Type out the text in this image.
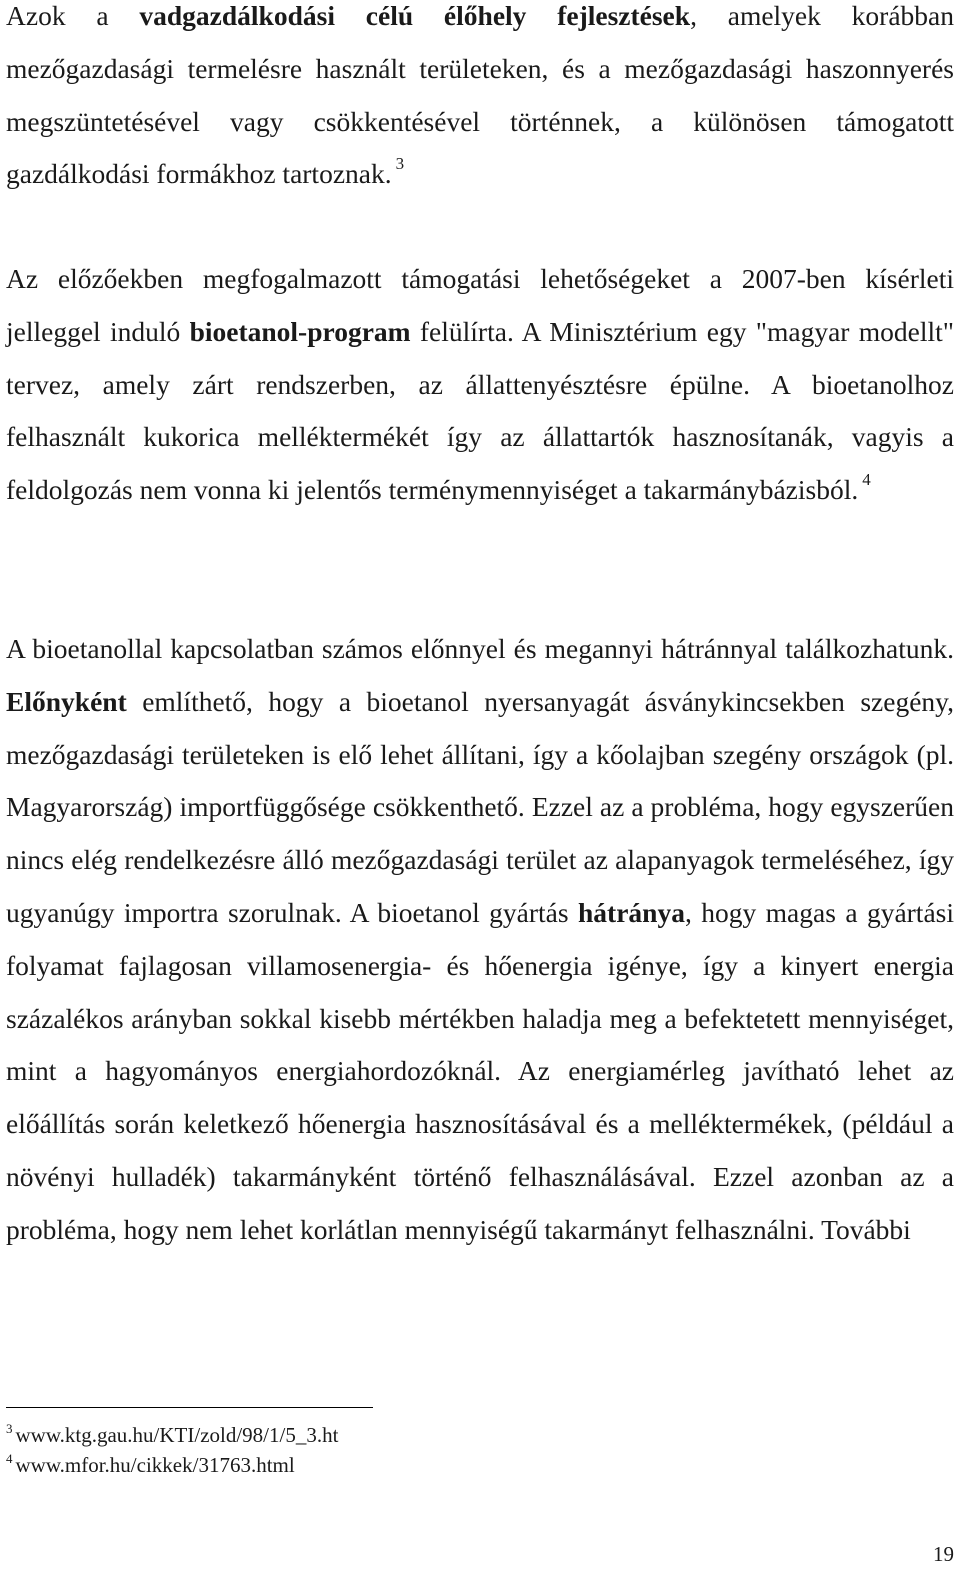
Azok a vadgazdálkodási célú élőhely fejlesztések, amelyek korábban mezőgazdasági termelésre használt területeken, és a mezőgazdasági haszonnyerés megszüntetésével vagy csökkentésével történnek, a különösen támogatott gazdálkodási formákhoz tartoznak. $^3$

Az előzőekben megfogalmazott támogatási lehetőségeket a 2007-ben kísérleti jelleggel induló bioetanol-program felülírta. A Minisztérium egy "magyar modellt" tervez, amely zárt rendszerben, az állattenyésztésre épülne. A bioetanolhoz felhasznált kukorica melléktermékét így az állattartók hasznosítanák, vagyis a feldolgozás nem vonna ki jelentős terménymennyiséget a takarmánybázisból. $^4$

A bioetanollal kapcsolatban számos előnnyel és megannyi hátránnyal találkozhatunk. Előnyként említhető, hogy a bioetanol nyersanyagát ásványkincsekben szegény, mezőgazdasági területeken is elő lehet állítani, így a kőolajban szegény országok (pl. Magyarország) importfüggősége csökkenthető. Ezzel az a probléma, hogy egyszerűen nincs elég rendelkezésre álló mezőgazdasági terület az alapanyagok termeléséhez, így ugyanúgy importra szorulnak. A bioetanol gyártás hátránya, hogy magas a gyártási folyamat fajlagosan villamosenergia- és hőenergia igénye, így a kinyert energia százalékos arányban sokkal kisebb mértékben haladja meg a befektetett mennyiséget, mint a hagyományos energiahordozóknál. Az energiamérleg javítható lehet az előállítás során keletkező hőenergia hasznosításával és a melléktermékek, (például a növényi hulladék) takarmányként történő felhasználásával. Ezzel azonban az a probléma, hogy nem lehet korlátlan mennyiségű takarmányt felhasználni. További

$^3$ www.ktg.gau.hu/KTI/zold/98/1/5_3.ht
$^4$ www.mfor.hu/cikkek/31763.html
19
